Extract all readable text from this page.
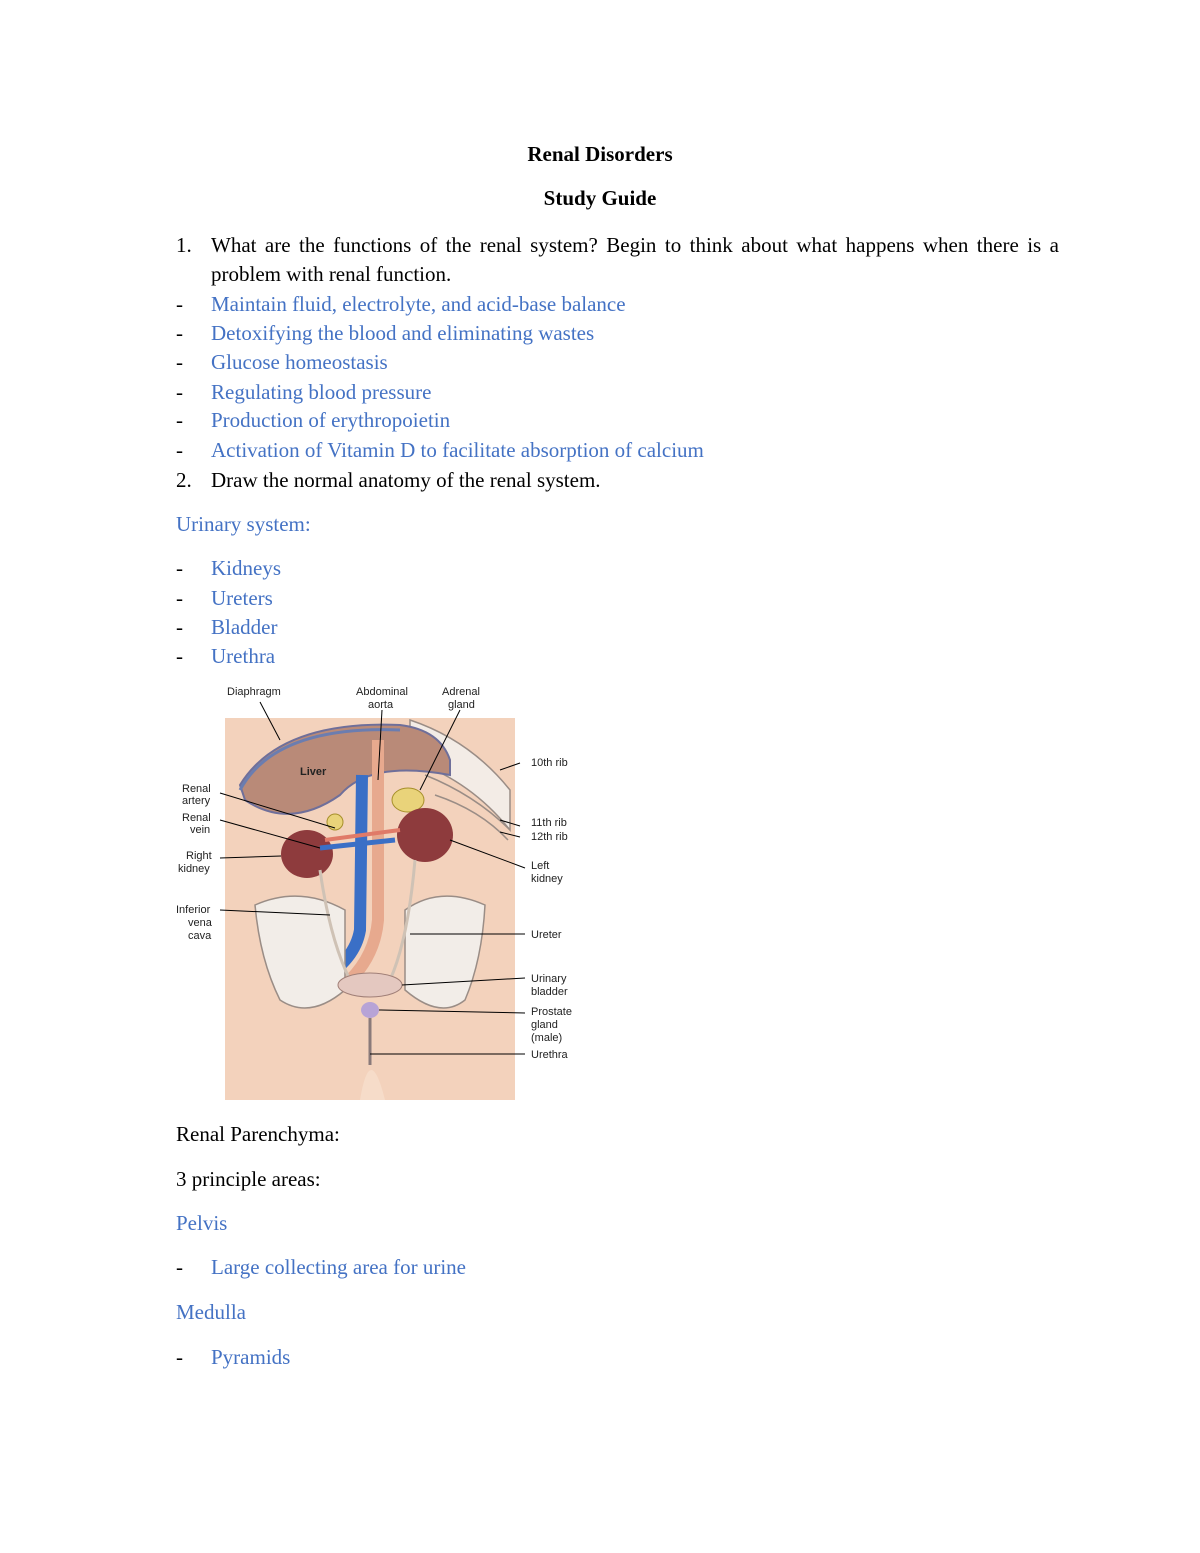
Renal Disorders
Study Guide
1. What are the functions of the renal system? Begin to think about what happens when there is a problem with renal function.
- Maintain fluid, electrolyte, and acid-base balance
- Detoxifying the blood and eliminating wastes
- Glucose homeostasis
- Regulating blood pressure
- Production of erythropoietin
- Activation of Vitamin D to facilitate absorption of calcium
2. Draw the normal anatomy of the renal system.
Urinary system:
- Kidneys
- Ureters
- Bladder
- Urethra
Diaphragm	Abdominal
aorta
Adrenal
gland
Liver
10th rib
11th rib
12th rib
Renal
artery
Renal
vein
Right
kidney	Left
kidney
Inferior
vena
cava	Ureter
Urinary
bladder
Prostate
gland
(male)
Urethra
Renal Parenchyma:
3 principle areas:
Pelvis
- Large collecting area for urine
Medulla
- Pyramids
